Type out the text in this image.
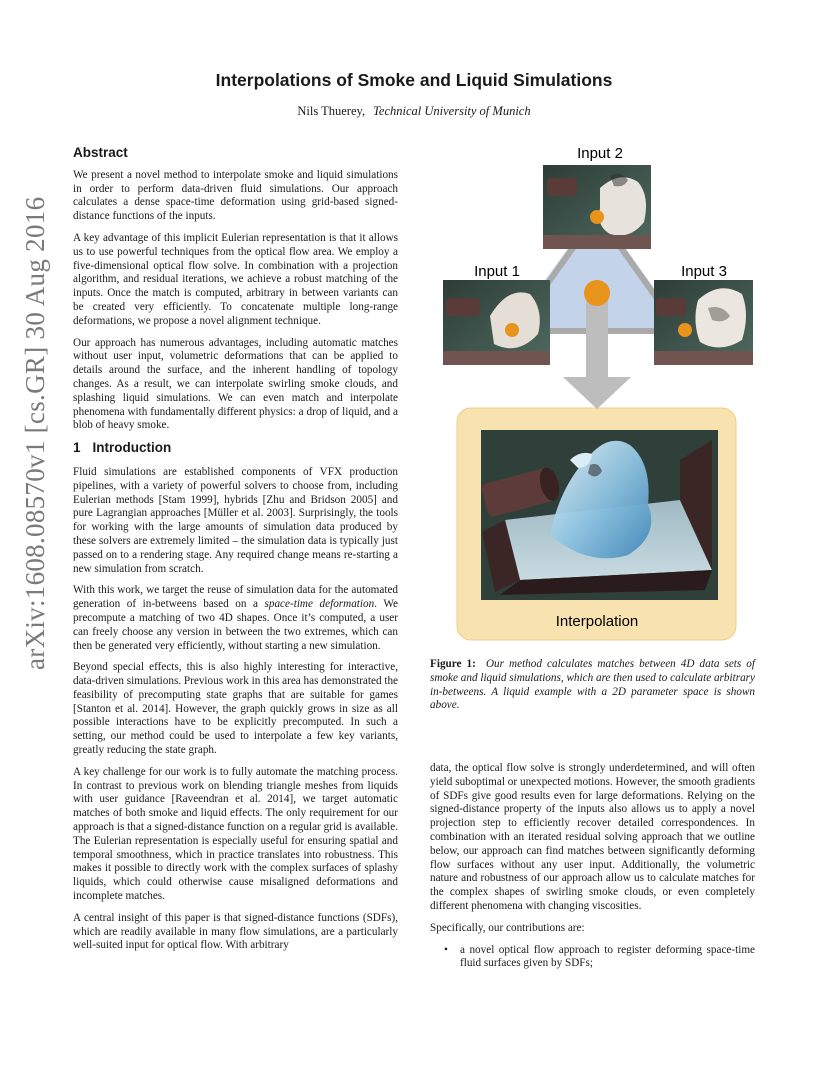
Interpolations of Smoke and Liquid Simulations
Nils Thuerey, Technical University of Munich
arXiv:1608.08570v1 [cs.GR] 30 Aug 2016
Abstract

We present a novel method to interpolate smoke and liquid simulations in order to perform data-driven fluid simulations. Our approach calculates a dense space-time deformation using grid-based signed-distance functions of the inputs.

A key advantage of this implicit Eulerian representation is that it allows us to use powerful techniques from the optical flow area. We employ a five-dimensional optical flow solve. In combination with a projection algorithm, and residual iterations, we achieve a robust matching of the inputs. Once the match is computed, arbitrary in between variants can be created very efficiently. To concatenate multiple long-range deformations, we propose a novel alignment technique.

Our approach has numerous advantages, including automatic matches without user input, volumetric deformations that can be applied to details around the surface, and the inherent handling of topology changes. As a result, we can interpolate swirling smoke clouds, and splashing liquid simulations. We can even match and interpolate phenomena with fundamentally different physics: a drop of liquid, and a blob of heavy smoke.

1 Introduction

Fluid simulations are established components of VFX production pipelines, with a variety of powerful solvers to choose from, including Eulerian methods [Stam 1999], hybrids [Zhu and Bridson 2005] and pure Lagrangian approaches [Müller et al. 2003]. Surprisingly, the tools for working with the large amounts of simulation data produced by these solvers are extremely limited – the simulation data is typically just passed on to a rendering stage. Any required change means re-starting a new simulation from scratch.

With this work, we target the reuse of simulation data for the automated generation of in-betweens based on a space-time deformation. We precompute a matching of two 4D shapes. Once it’s computed, a user can freely choose any version in between the two extremes, which can then be generated very efficiently, without starting a new simulation.

Beyond special effects, this is also highly interesting for interactive, data-driven simulations. Previous work in this area has demonstrated the feasibility of precomputing state graphs that are suitable for games [Stanton et al. 2014]. However, the graph quickly grows in size as all possible interactions have to be explicitly precomputed. In such a setting, our method could be used to interpolate a few key variants, greatly reducing the state graph.

A key challenge for our work is to fully automate the matching process. In contrast to previous work on blending triangle meshes from liquids with user guidance [Raveendran et al. 2014], we target automatic matches of both smoke and liquid effects. The only requirement for our approach is that a signed-distance function on a regular grid is available. The Eulerian representation is especially useful for ensuring spatial and temporal smoothness, which in practice translates into robustness. This makes it possible to directly work with the complex surfaces of splashy liquids, which could otherwise cause misaligned deformations and incomplete matches.

A central insight of this paper is that signed-distance functions (SDFs), which are readily available in many flow simulations, are a particularly well-suited input for optical flow. With arbitrary

Input 2
Input 1	Input 3
Interpolation
Figure 1: Our method calculates matches between 4D data sets of smoke and liquid simulations, which are then used to calculate arbitrary in-betweens. A liquid example with a 2D parameter space is shown above.

data, the optical flow solve is strongly underdetermined, and will often yield suboptimal or unexpected motions. However, the smooth gradients of SDFs give good results even for large deformations. Relying on the signed-distance property of the inputs also allows us to apply a novel projection step to efficiently recover detailed correspondences. In combination with an iterated residual solving approach that we outline below, our approach can find matches between significantly deforming flow surfaces without any user input. Additionally, the volumetric nature and robustness of our approach allow us to calculate matches for the complex shapes of swirling smoke clouds, or even completely different phenomena with changing viscosities.

Specifically, our contributions are:

• a novel optical flow approach to register deforming space-time fluid surfaces given by SDFs;
